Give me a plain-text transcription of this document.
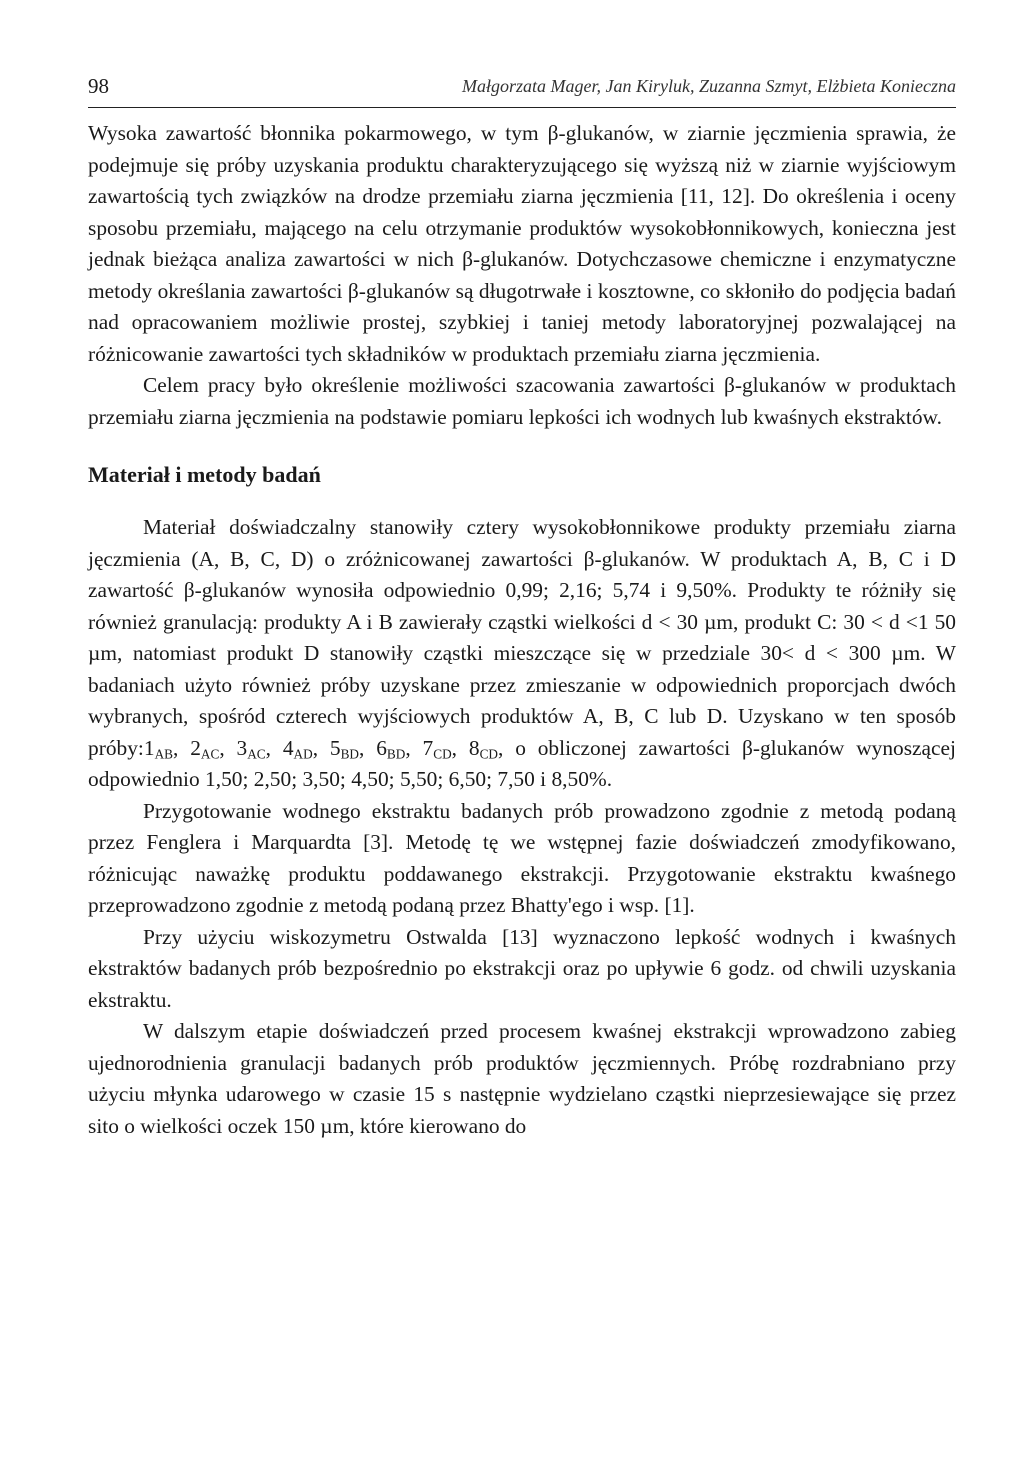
98	Małgorzata Mager, Jan Kiryluk, Zuzanna Szmyt, Elżbieta Konieczna

Wysoka zawartość błonnika pokarmowego, w tym β-glukanów, w ziarnie jęczmienia sprawia, że podejmuje się próby uzyskania produktu charakteryzującego się wyższą niż w ziarnie wyjściowym zawartością tych związków na drodze przemiału ziarna jęczmienia [11, 12]. Do określenia i oceny sposobu przemiału, mającego na celu otrzymanie produktów wysokobłonnikowych, konieczna jest jednak bieżąca analiza zawartości w nich β-glukanów. Dotychczasowe chemiczne i enzymatyczne metody określania zawartości β-glukanów są długotrwałe i kosztowne, co skłoniło do podjęcia badań nad opracowaniem możliwie prostej, szybkiej i taniej metody laboratoryjnej pozwalającej na różnicowanie zawartości tych składników w produktach przemiału ziarna jęczmienia.

Celem pracy było określenie możliwości szacowania zawartości β-glukanów w produktach przemiału ziarna jęczmienia na podstawie pomiaru lepkości ich wodnych lub kwaśnych ekstraktów.

Materiał i metody badań

Materiał doświadczalny stanowiły cztery wysokobłonnikowe produkty przemiału ziarna jęczmienia (A, B, C, D) o zróżnicowanej zawartości β-glukanów. W produktach A, B, C i D zawartość β-glukanów wynosiła odpowiednio 0,99; 2,16; 5,74 i 9,50%. Produkty te różniły się również granulacją: produkty A i B zawierały cząstki wielkości d < 30 µm, produkt C: 30 < d <1 50 µm, natomiast produkt D stanowiły cząstki mieszczące się w przedziale 30< d < 300 µm. W badaniach użyto również próby uzyskane przez zmieszanie w odpowiednich proporcjach dwóch wybranych, spośród czterech wyjściowych produktów A, B, C lub D. Uzyskano w ten sposób $próby:1_{AB}$, $2_{AC}$, $3_{AC}$, $4_{AD}$, $5_{BD}$, $6_{BD}$, $7_{CD}$, $8_{CD}$, o obliczonej zawartości β-glukanów wynoszącej odpowiednio 1,50; 2,50; 3,50; 4,50; 5,50; 6,50; 7,50 i 8,50%.

Przygotowanie wodnego ekstraktu badanych prób prowadzono zgodnie z metodą podaną przez Fenglera i Marquardta [3]. Metodę tę we wstępnej fazie doświadczeń zmodyfikowano, różnicując naważkę produktu poddawanego ekstrakcji. Przygotowanie ekstraktu kwaśnego przeprowadzono zgodnie z metodą podaną przez Bhatty'ego i wsp. [1].

Przy użyciu wiskozymetru Ostwalda [13] wyznaczono lepkość wodnych i kwaśnych ekstraktów badanych prób bezpośrednio po ekstrakcji oraz po upływie 6 godz. od chwili uzyskania ekstraktu.

W dalszym etapie doświadczeń przed procesem kwaśnej ekstrakcji wprowadzono zabieg ujednorodnienia granulacji badanych prób produktów jęczmiennych. Próbę rozdrabniano przy użyciu młynka udarowego w czasie 15 s następnie wydzielano cząstki nieprzesiewające się przez sito o wielkości oczek 150 µm, które kierowano do
